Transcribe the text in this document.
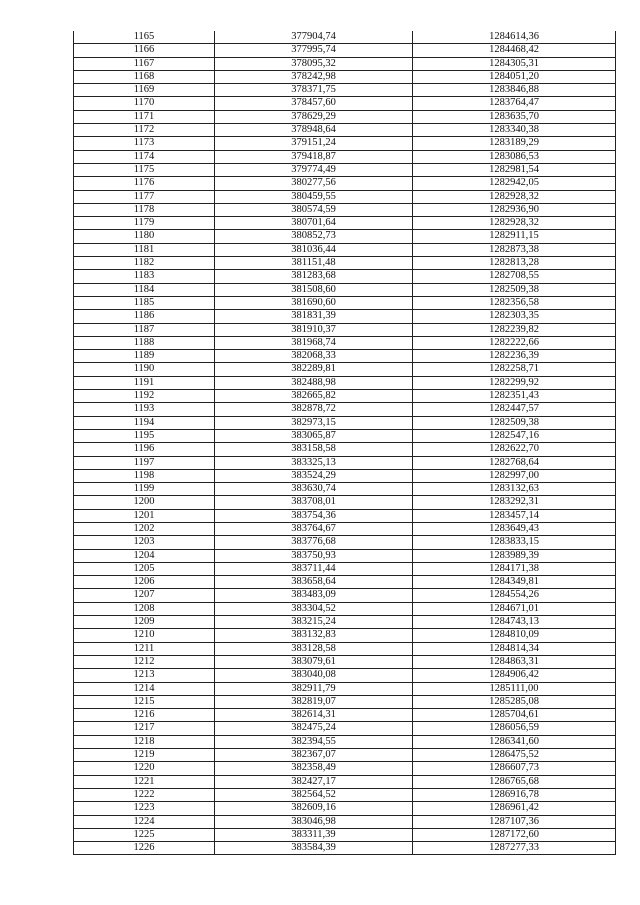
1165	377904,74	1284614,36
1166	377995,74	1284468,42
1167	378095,32	1284305,31
1168	378242,98	1284051,20
1169	378371,75	1283846,88
1170	378457,60	1283764,47
1171	378629,29	1283635,70
1172	378948,64	1283340,38
1173	379151,24	1283189,29
1174	379418,87	1283086,53
1175	379774,49	1282981,54
1176	380277,56	1282942,05
1177	380459,55	1282928,32
1178	380574,59	1282936,90
1179	380701,64	1282928,32
1180	380852,73	1282911,15
1181	381036,44	1282873,38
1182	381151,48	1282813,28
1183	381283,68	1282708,55
1184	381508,60	1282509,38
1185	381690,60	1282356,58
1186	381831,39	1282303,35
1187	381910,37	1282239,82
1188	381968,74	1282222,66
1189	382068,33	1282236,39
1190	382289,81	1282258,71
1191	382488,98	1282299,92
1192	382665,82	1282351,43
1193	382878,72	1282447,57
1194	382973,15	1282509,38
1195	383065,87	1282547,16
1196	383158,58	1282622,70
1197	383325,13	1282768,64
1198	383524,29	1282997,00
1199	383630,74	1283132,63
1200	383708,01	1283292,31
1201	383754,36	1283457,14
1202	383764,67	1283649,43
1203	383776,68	1283833,15
1204	383750,93	1283989,39
1205	383711,44	1284171,38
1206	383658,64	1284349,81
1207	383483,09	1284554,26
1208	383304,52	1284671,01
1209	383215,24	1284743,13
1210	383132,83	1284810,09
1211	383128,58	1284814,34
1212	383079,61	1284863,31
1213	383040,08	1284906,42
1214	382911,79	1285111,00
1215	382819,07	1285285,08
1216	382614,31	1285704,61
1217	382475,24	1286056,59
1218	382394,55	1286341,60
1219	382367,07	1286475,52
1220	382358,49	1286607,73
1221	382427,17	1286765,68
1222	382564,52	1286916,78
1223	382609,16	1286961,42
1224	383046,98	1287107,36
1225	383311,39	1287172,60
1226	383584,39	1287277,33
